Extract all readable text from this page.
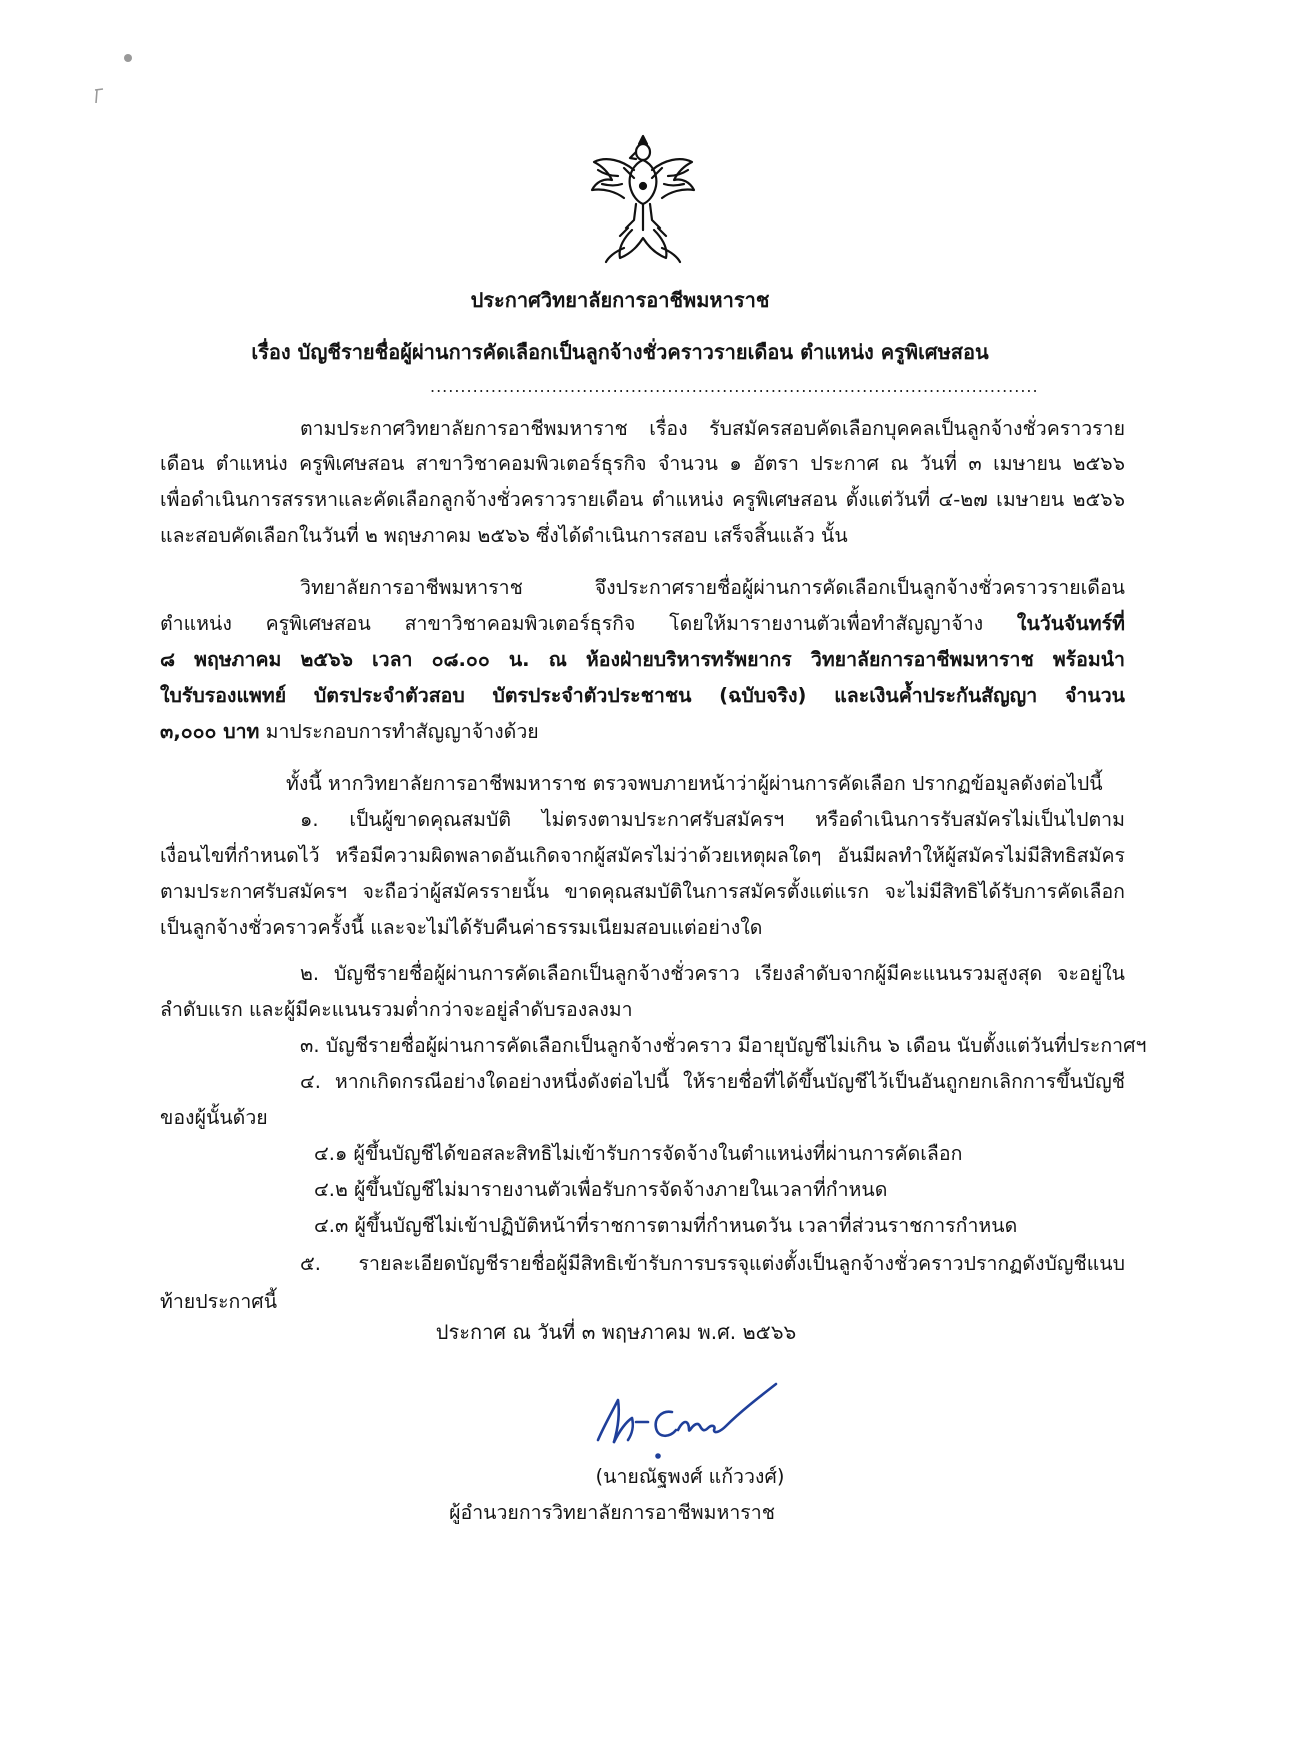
ประกาศวิทยาลัยการอาชีพมหาราช
เรื่อง บัญชีรายชื่อผู้ผ่านการคัดเลือกเป็นลูกจ้างชั่วคราวรายเดือน ตำแหน่ง ครูพิเศษสอน
....................................................................................................
ตามประกาศวิทยาลัยการอาชีพมหาราช เรื่อง รับสมัครสอบคัดเลือกบุคคลเป็นลูกจ้างชั่วคราวราย
เดือน ตำแหน่ง ครูพิเศษสอน สาขาวิชาคอมพิวเตอร์ธุรกิจ จำนวน ๑ อัตรา ประกาศ ณ วันที่ ๓ เมษายน ๒๕๖๖
เพื่อดำเนินการสรรหาและคัดเลือกลูกจ้างชั่วคราวรายเดือน ตำแหน่ง ครูพิเศษสอน ตั้งแต่วันที่ ๔-๒๗ เมษายน ๒๕๖๖
และสอบคัดเลือกในวันที่ ๒ พฤษภาคม ๒๕๖๖ ซึ่งได้ดำเนินการสอบ เสร็จสิ้นแล้ว นั้น
วิทยาลัยการอาชีพมหาราช จึงประกาศรายชื่อผู้ผ่านการคัดเลือกเป็นลูกจ้างชั่วคราวรายเดือน
ตำแหน่ง ครูพิเศษสอน สาขาวิชาคอมพิวเตอร์ธุรกิจ โดยให้มารายงานตัวเพื่อทำสัญญาจ้าง ในวันจันทร์ที่
๘ พฤษภาคม ๒๕๖๖ เวลา ๐๘.๐๐ น. ณ ห้องฝ่ายบริหารทรัพยากร วิทยาลัยการอาชีพมหาราช พร้อมนำ
ใบรับรองแพทย์ บัตรประจำตัวสอบ บัตรประจำตัวประชาชน (ฉบับจริง) และเงินค้ำประกันสัญญา จำนวน
๓,๐๐๐ บาท มาประกอบการทำสัญญาจ้างด้วย
ทั้งนี้ หากวิทยาลัยการอาชีพมหาราช ตรวจพบภายหน้าว่าผู้ผ่านการคัดเลือก ปรากฏข้อมูลดังต่อไปนี้
๑. เป็นผู้ขาดคุณสมบัติ ไม่ตรงตามประกาศรับสมัครฯ หรือดำเนินการรับสมัครไม่เป็นไปตาม
เงื่อนไขที่กำหนดไว้ หรือมีความผิดพลาดอันเกิดจากผู้สมัครไม่ว่าด้วยเหตุผลใดๆ อันมีผลทำให้ผู้สมัครไม่มีสิทธิสมัคร
ตามประกาศรับสมัครฯ จะถือว่าผู้สมัครรายนั้น ขาดคุณสมบัติในการสมัครตั้งแต่แรก จะไม่มีสิทธิได้รับการคัดเลือก
เป็นลูกจ้างชั่วคราวครั้งนี้ และจะไม่ได้รับคืนค่าธรรมเนียมสอบแต่อย่างใด
๒. บัญชีรายชื่อผู้ผ่านการคัดเลือกเป็นลูกจ้างชั่วคราว เรียงลำดับจากผู้มีคะแนนรวมสูงสุด จะอยู่ใน
ลำดับแรก และผู้มีคะแนนรวมต่ำกว่าจะอยู่ลำดับรองลงมา
๓. บัญชีรายชื่อผู้ผ่านการคัดเลือกเป็นลูกจ้างชั่วคราว มีอายุบัญชีไม่เกิน ๖ เดือน นับตั้งแต่วันที่ประกาศฯ
๔. หากเกิดกรณีอย่างใดอย่างหนึ่งดังต่อไปนี้ ให้รายชื่อที่ได้ขึ้นบัญชีไว้เป็นอันถูกยกเลิกการขึ้นบัญชี
ของผู้นั้นด้วย
๔.๑ ผู้ขึ้นบัญชีได้ขอสละสิทธิไม่เข้ารับการจัดจ้างในตำแหน่งที่ผ่านการคัดเลือก
๔.๒ ผู้ขึ้นบัญชีไม่มารายงานตัวเพื่อรับการจัดจ้างภายในเวลาที่กำหนด
๔.๓ ผู้ขึ้นบัญชีไม่เข้าปฏิบัติหน้าที่ราชการตามที่กำหนดวัน เวลาที่ส่วนราชการกำหนด
๕. รายละเอียดบัญชีรายชื่อผู้มีสิทธิเข้ารับการบรรจุแต่งตั้งเป็นลูกจ้างชั่วคราวปรากฏดังบัญชีแนบ
ท้ายประกาศนี้
ประกาศ ณ วันที่ ๓ พฤษภาคม พ.ศ. ๒๕๖๖
(นายณัฐพงศ์ แก้ววงศ์)
ผู้อำนวยการวิทยาลัยการอาชีพมหาราช
